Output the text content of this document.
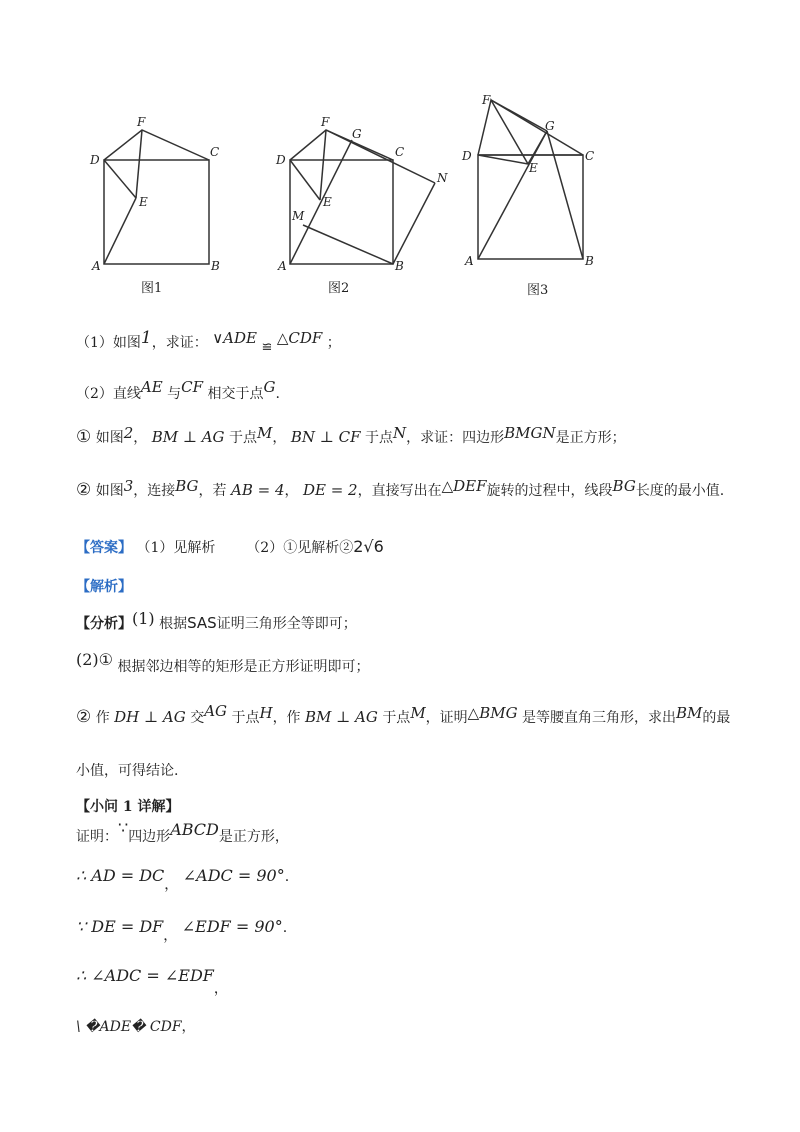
F
D
C
E
A	B
图1
F
G
D
C
N
E
M
A	B
图2
F
G
D
E
C
A	B
图3
（1）如图1，求证： ∨ADE ≌ △CDF ；
（2）直线AE 与CF 相交于点G.
① 如图2， BM ⊥ AG 于点M， BN ⊥ CF 于点N，求证：四边形BMGN是正方形；
② 如图3，连接BG，若 AB = 4， DE = 2，直接写出在△DEF旋转的过程中，线段BG长度的最小值.
【答案】 （1）见解析 （2）①见解析②2√6
【解析】
【分析】(1) 根据SAS证明三角形全等即可；
(2)① 根据邻边相等的矩形是正方形证明即可；
② 作 DH ⊥ AG 交AG 于点H，作 BM ⊥ AG 于点M，证明△BMG 是等腰直角三角形，求出BM的最
小值，可得结论.
【小问 1 详解】
证明：∵四边形ABCD是正方形，
∴ AD = DC， ∠ADC = 90°.
∵ DE = DF， ∠EDF = 90°.
∴ ∠ADC = ∠EDF，
\ �ADE� CDF，
